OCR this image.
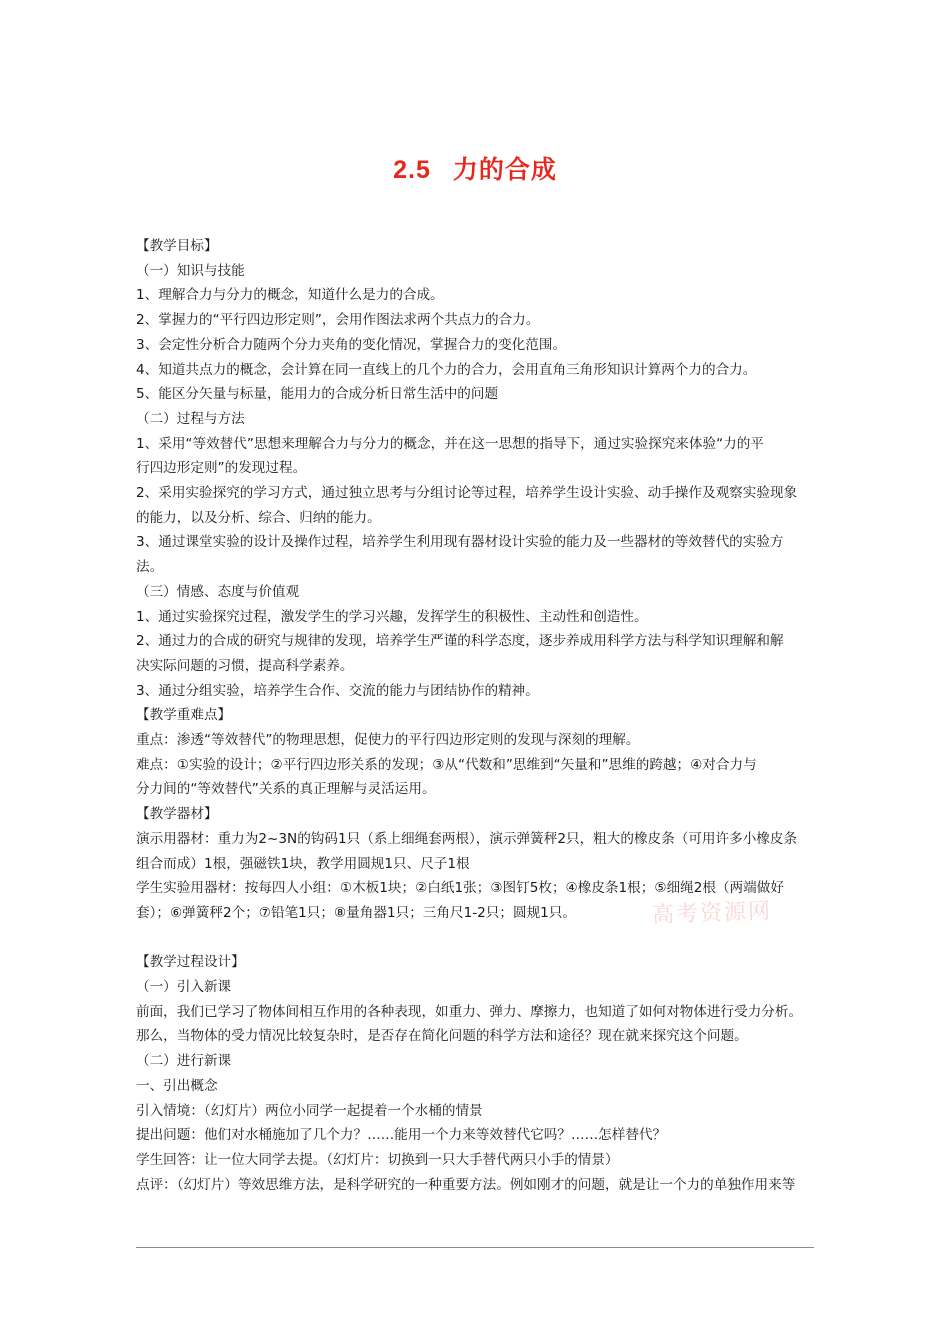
2.5 力的合成

【教学目标】

（一）知识与技能

1、理解合力与分力的概念，知道什么是力的合成。

2、掌握力的“平行四边形定则”，会用作图法求两个共点力的合力。

3、会定性分析合力随两个分力夹角的变化情况，掌握合力的变化范围。

4、知道共点力的概念，会计算在同一直线上的几个力的合力，会用直角三角形知识计算两个力的合力。

5、能区分矢量与标量，能用力的合成分析日常生活中的问题

（二）过程与方法

1、采用“等效替代”思想来理解合力与分力的概念，并在这一思想的指导下，通过实验探究来体验“力的平

行四边形定则”的发现过程。

2、采用实验探究的学习方式，通过独立思考与分组讨论等过程，培养学生设计实验、动手操作及观察实验现象

的能力，以及分析、综合、归纳的能力。

3、通过课堂实验的设计及操作过程，培养学生利用现有器材设计实验的能力及一些器材的等效替代的实验方

法。

（三）情感、态度与价值观

1、通过实验探究过程，激发学生的学习兴趣，发挥学生的积极性、主动性和创造性。

2、通过力的合成的研究与规律的发现，培养学生严谨的科学态度，逐步养成用科学方法与科学知识理解和解

决实际问题的习惯，提高科学素养。

3、通过分组实验，培养学生合作、交流的能力与团结协作的精神。

【教学重难点】

重点：渗透“等效替代”的物理思想，促使力的平行四边形定则的发现与深刻的理解。

难点：①实验的设计；②平行四边形关系的发现；③从“代数和”思维到“矢量和”思维的跨越；④对合力与

分力间的“等效替代”关系的真正理解与灵活运用。

【教学器材】

演示用器材：重力为2~3N的钩码1只（系上细绳套两根），演示弹簧秤2只，粗大的橡皮条（可用许多小橡皮条

组合而成）1根，强磁铁1块，教学用圆规1只、尺子1根

学生实验用器材：按每四人小组：①木板1块；②白纸1张；③图钉5枚；④橡皮条1根；⑤细绳2根（两端做好

套）；⑥弹簧秤2个；⑦铅笔1只；⑧量角器1只；三角尺1-2只；圆规1只。

【教学过程设计】

（一）引入新课

前面，我们已学习了物体间相互作用的各种表现，如重力、弹力、摩擦力，也知道了如何对物体进行受力分析。

那么，当物体的受力情况比较复杂时，是否存在简化问题的科学方法和途径？现在就来探究这个问题。

（二）进行新课

一、引出概念

引入情境：（幻灯片）两位小同学一起提着一个水桶的情景

提出问题：他们对水桶施加了几个力？……能用一个力来等效替代它吗？……怎样替代？

学生回答：让一位大同学去提。（幻灯片：切换到一只大手替代两只小手的情景）

点评：（幻灯片）等效思维方法，是科学研究的一种重要方法。例如刚才的问题，就是让一个力的单独作用来等

高考资源网
